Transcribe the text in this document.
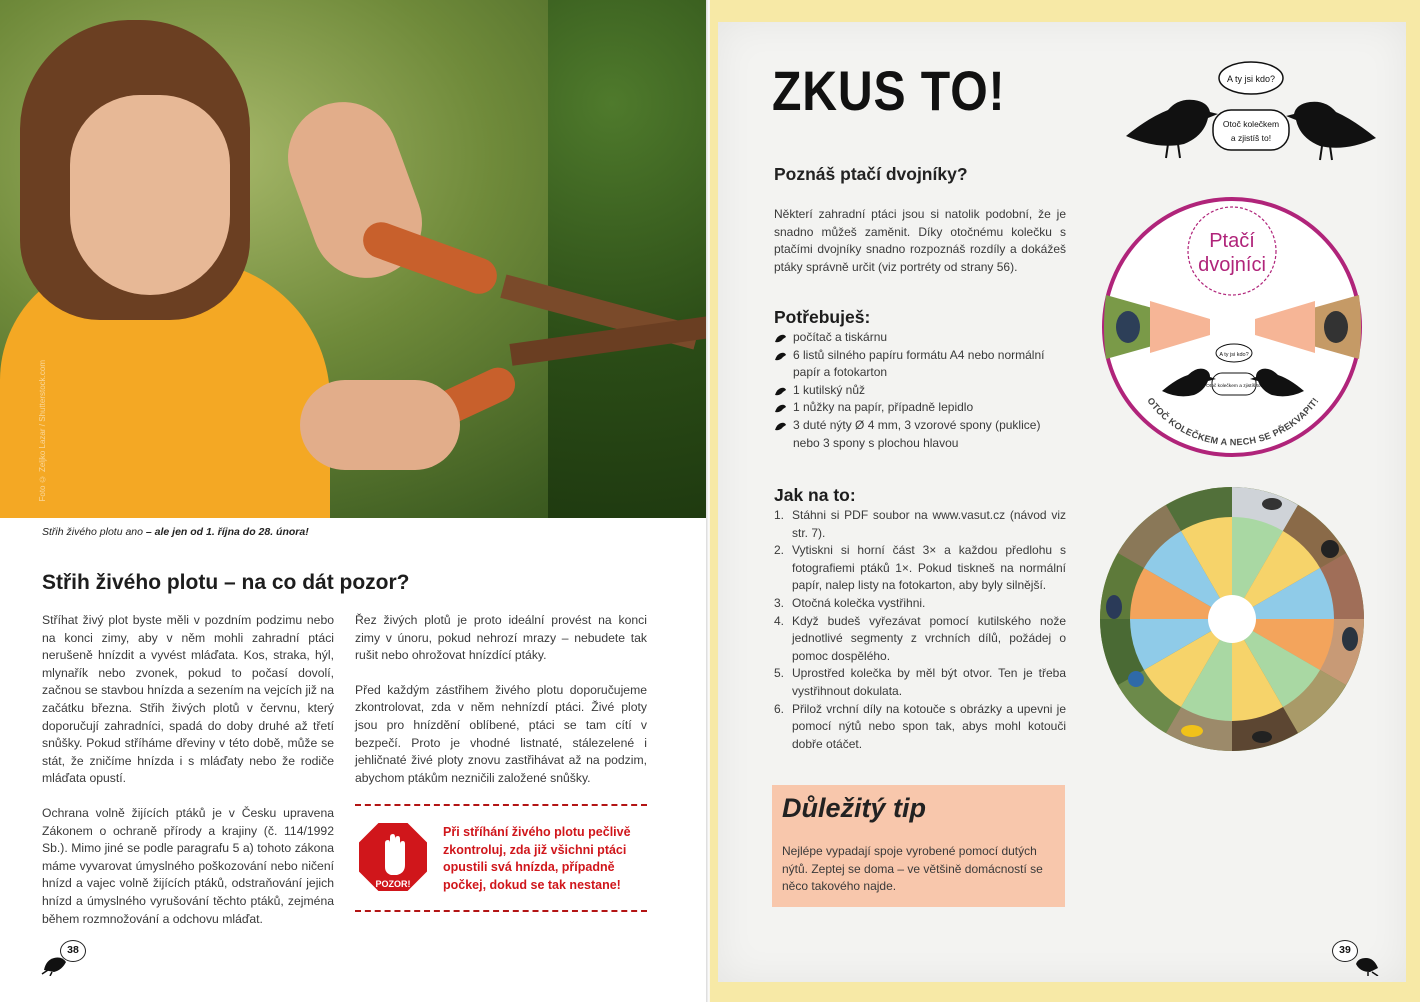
Foto © Zeljko Lazar / Shutterstock.com
Střih živého plotu ano – ale jen od 1. října do 28. února!
Střih živého plotu – na co dát pozor?

Stříhat živý plot byste měli v pozdním podzimu nebo na konci zimy, aby v něm mohli zahradní ptáci nerušeně hnízdit a vyvést mláďata. Kos, straka, hýl, mlynařík nebo zvonek, pokud to počasí dovolí, začnou se stavbou hnízda a sezením na vejcích již na začátku března. Střih živých plotů v červnu, který doporučují zahradníci, spadá do doby druhé až třetí snůšky. Pokud stříháme dřeviny v této době, může se stát, že zničíme hnízda i s mláďaty nebo že rodiče mláďata opustí.

Ochrana volně žijících ptáků je v Česku upravena Zákonem o ochraně přírody a krajiny (č. 114/1992 Sb.). Mimo jiné se podle paragrafu 5 a) tohoto zákona máme vyvarovat úmyslného poškozování nebo ničení hnízd a vajec volně žijících ptáků, odstraňování jejich hnízd a úmyslného vyrušování těchto ptáků, zejména během rozmnožování a odchovu mláďat.

Řez živých plotů je proto ideální provést na konci zimy v únoru, pokud nehrozí mrazy – nebudete tak rušit nebo ohrožovat hnízdící ptáky.

Před každým zástřihem živého plotu doporučujeme zkontrolovat, zda v něm nehnízdí ptáci. Živé ploty jsou pro hnízdění oblíbené, ptáci se tam cítí v bezpečí. Proto je vhodné listnaté, stálezelené i jehličnaté živé ploty znovu zastřihávat až na podzim, abychom ptákům nezničili založené snůšky.

POZOR!
Při stříhání živého plotu pečlivě zkontroluj, zda již všichni ptáci opustili svá hnízda, případně počkej, dokud se tak nestane!
38
ZKUS TO!	A ty jsi kdo?
Otoč kolečkem
a zjistíš to!
Poznáš ptačí dvojníky?
Některí zahradní ptáci jsou si natolik podobní, že je snadno můžeš zaměnit. Díky otočnému kolečku s ptačími dvojníky snadno rozpoznáš rozdíly a dokážeš ptáky správně určit (viz portréty od strany 56).
Potřebuješ:
počítač a tiskárnu
6 listů silného papíru formátu A4 nebo normální papír a fotokarton
1 kutilský nůž
1 nůžky na papír, případně lepidlo
3 duté nýty Ø 4 mm, 3 vzorové spony (puklice) nebo 3 spony s plochou hlavou
Jak na to:
1. Stáhni si PDF soubor na www.vasut.cz (návod viz str. 7).
2. Vytiskni si horní část 3× a každou předlohu s fotografiemi ptáků 1×. Pokud tiskneš na normální papír, nalep listy na fotokarton, aby byly silnější.
3. Otočná kolečka vystřihni.
4. Když budeš vyřezávat pomocí kutilského nože jednotlivé segmenty z vrchních dílů, požádej o pomoc dospělého.
5. Uprostřed kolečka by měl být otvor. Ten je třeba vystřihnout dokulata.
6. Přilož vrchní díly na kotouče s obrázky a upevni je pomocí nýtů nebo spon tak, abys mohl kotouči dobře otáčet.
Ptačí
dvojníci
A ty jsi kdo?
Otoč kolečkem a zjistíš to!
OTOČ KOLEČKEM A NECH SE PŘEKVAPIT!
Důležitý tip
Nejlépe vypadají spoje vyrobené pomocí dutých nýtů. Zeptej se doma – ve většině domácností se něco takového najde.
39
